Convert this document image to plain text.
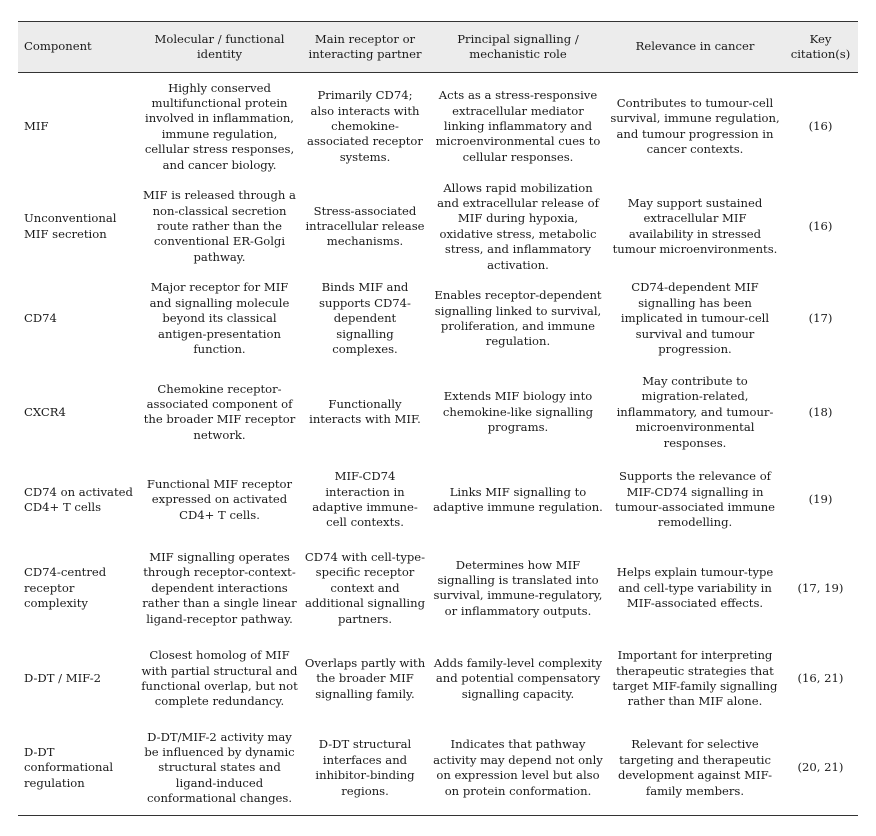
Component	Molecular / functional identity	Main receptor or interacting partner	Principal signalling / mechanistic role	Relevance in cancer	Key citation(s)
MIF	Highly conserved multifunctional protein involved in inflammation, immune regulation, cellular stress responses, and cancer biology.	Primarily CD74; also interacts with chemokine-associated receptor systems.	Acts as a stress-responsive extracellular mediator linking inflammatory and microenvironmental cues to cellular responses.	Contributes to tumour-cell survival, immune regulation, and tumour progression in cancer contexts.	(16)
Unconventional MIF secretion	MIF is released through a non-classical secretion route rather than the conventional ER-Golgi pathway.	Stress-associated intracellular release mechanisms.	Allows rapid mobilization and extracellular release of MIF during hypoxia, oxidative stress, metabolic stress, and inflammatory activation.	May support sustained extracellular MIF availability in stressed tumour microenvironments.	(16)
CD74	Major receptor for MIF and signalling molecule beyond its classical antigen-presentation function.	Binds MIF and supports CD74-dependent signalling complexes.	Enables receptor-dependent signalling linked to survival, proliferation, and immune regulation.	CD74-dependent MIF signalling has been implicated in tumour-cell survival and tumour progression.	(17)
CXCR4	Chemokine receptor-associated component of the broader MIF receptor network.	Functionally interacts with MIF.	Extends MIF biology into chemokine-like signalling programs.	May contribute to migration-related, inflammatory, and tumour-microenvironmental responses.	(18)
CD74 on activated CD4+ T cells	Functional MIF receptor expressed on activated CD4+ T cells.	MIF-CD74 interaction in adaptive immune-cell contexts.	Links MIF signalling to adaptive immune regulation.	Supports the relevance of MIF-CD74 signalling in tumour-associated immune remodelling.	(19)
CD74-centred receptor complexity	MIF signalling operates through receptor-context-dependent interactions rather than a single linear ligand-receptor pathway.	CD74 with cell-type-specific receptor context and additional signalling partners.	Determines how MIF signalling is translated into survival, immune-regulatory, or inflammatory outputs.	Helps explain tumour-type and cell-type variability in MIF-associated effects.	(17, 19)
D-DT / MIF-2	Closest homolog of MIF with partial structural and functional overlap, but not complete redundancy.	Overlaps partly with the broader MIF signalling family.	Adds family-level complexity and potential compensatory signalling capacity.	Important for interpreting therapeutic strategies that target MIF-family signalling rather than MIF alone.	(16, 21)
D-DT conformational regulation	D-DT/MIF-2 activity may be influenced by dynamic structural states and ligand-induced conformational changes.	D-DT structural interfaces and inhibitor-binding regions.	Indicates that pathway activity may depend not only on expression level but also on protein conformation.	Relevant for selective targeting and therapeutic development against MIF-family members.	(20, 21)
